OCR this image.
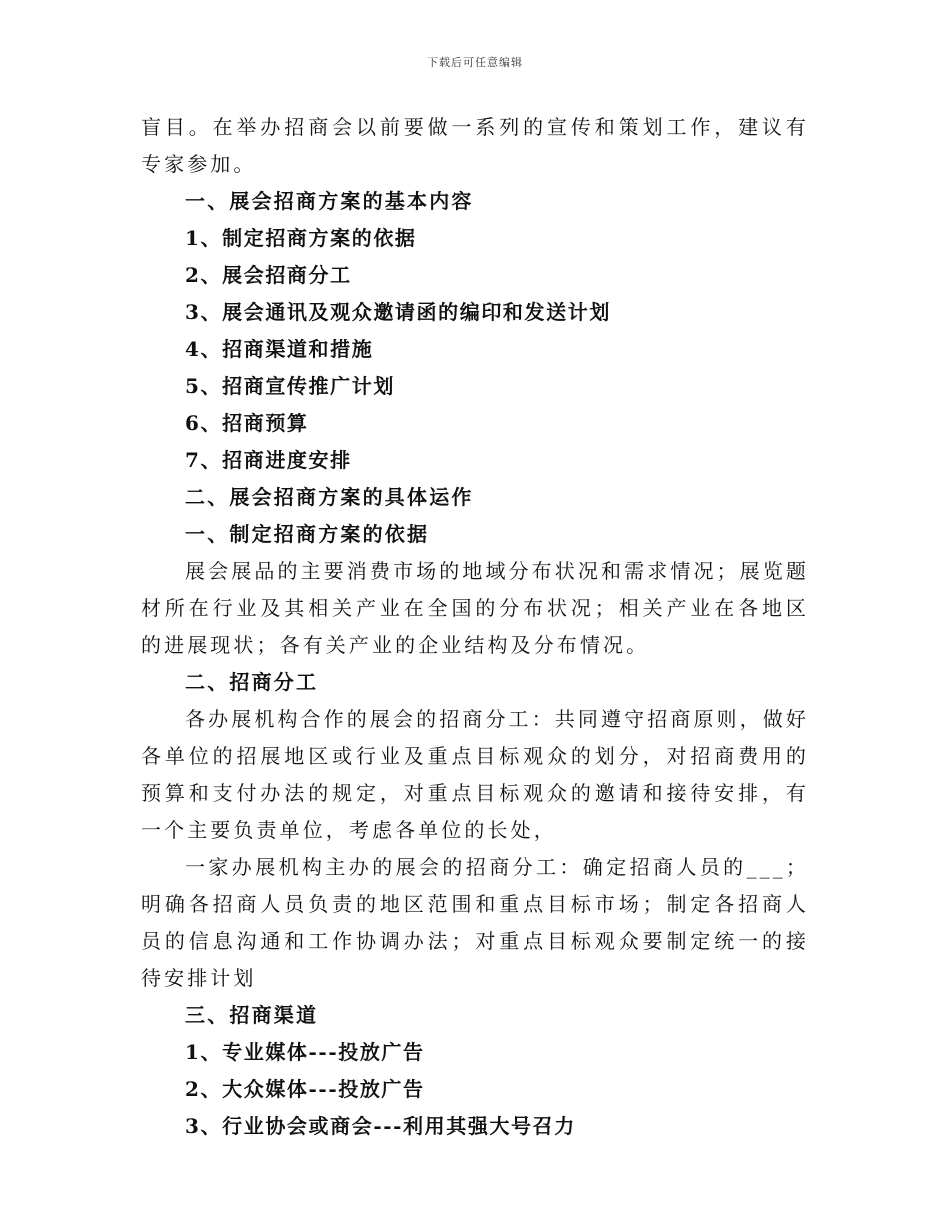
下载后可任意编辑

盲目。在举办招商会以前要做一系列的宣传和策划工作，建议有专家参加。

一、展会招商方案的基本内容

1、制定招商方案的依据

2、展会招商分工

3、展会通讯及观众邀请函的编印和发送计划

4、招商渠道和措施

5、招商宣传推广计划

6、招商预算

7、招商进度安排

二、展会招商方案的具体运作

一、制定招商方案的依据

展会展品的主要消费市场的地域分布状况和需求情况；展览题材所在行业及其相关产业在全国的分布状况；相关产业在各地区的进展现状；各有关产业的企业结构及分布情况。

二、招商分工

各办展机构合作的展会的招商分工：共同遵守招商原则，做好各单位的招展地区或行业及重点目标观众的划分，对招商费用的预算和支付办法的规定，对重点目标观众的邀请和接待安排，有一个主要负责单位，考虑各单位的长处，

一家办展机构主办的展会的招商分工：确定招商人员的___；明确各招商人员负责的地区范围和重点目标市场；制定各招商人员的信息沟通和工作协调办法；对重点目标观众要制定统一的接待安排计划

三、招商渠道

1、专业媒体---投放广告

2、大众媒体---投放广告

3、行业协会或商会---利用其强大号召力
